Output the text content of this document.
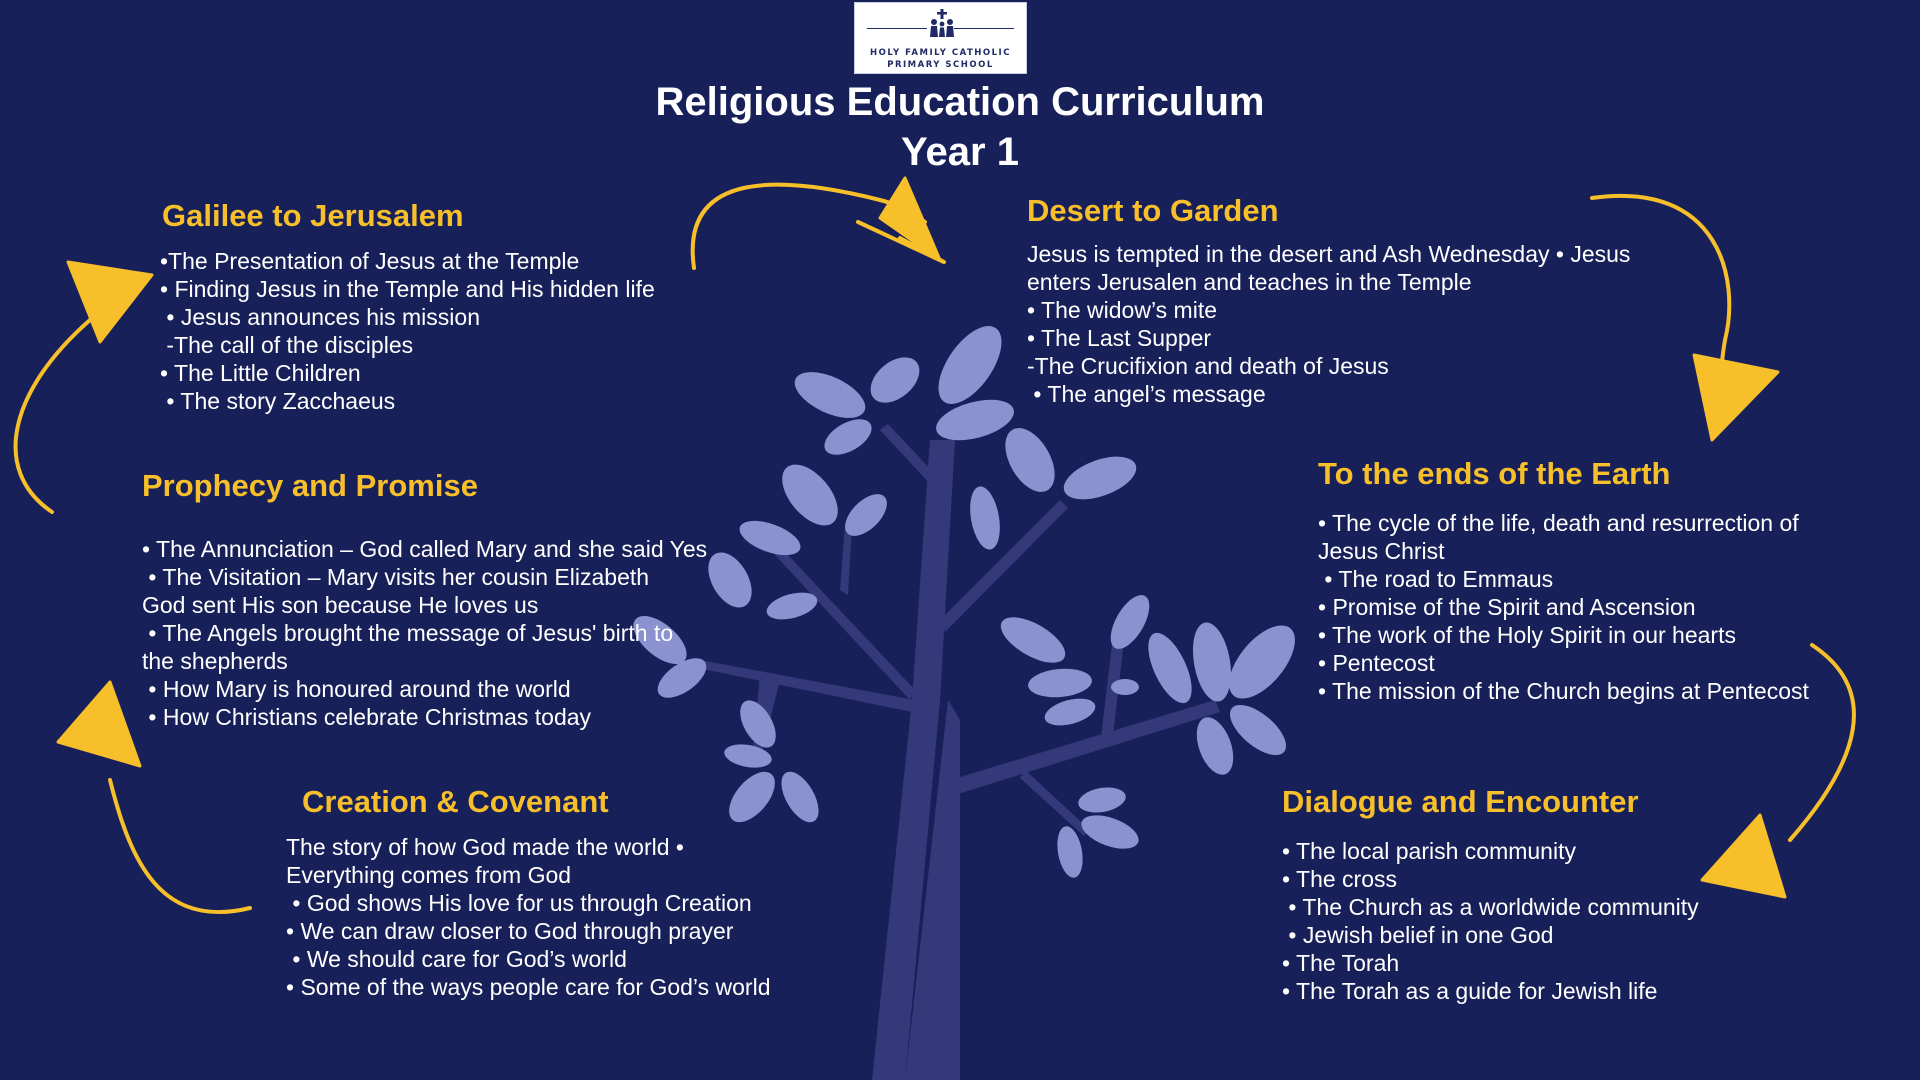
HOLY FAMILY CATHOLIC
PRIMARY SCHOOL
Religious Education Curriculum
Year 1
Galilee to Jerusalem
•The Presentation of Jesus at the Temple
• Finding Jesus in the Temple and His hidden life
• Jesus announces his mission
-The call of the disciples
• The Little Children
• The story Zacchaeus
Prophecy and Promise
• The Annunciation – God called Mary and she said Yes
• The Visitation – Mary visits her cousin Elizabeth
God sent His son because He loves us
• The Angels brought the message of Jesus' birth to
the shepherds
• How Mary is honoured around the world
• How Christians celebrate Christmas today
Creation & Covenant
The story of how God made the world •
Everything comes from God
• God shows His love for us through Creation
• We can draw closer to God through prayer
• We should care for God’s world
• Some of the ways people care for God’s world
Desert to Garden
Jesus is tempted in the desert and Ash Wednesday • Jesus
enters Jerusalen and teaches in the Temple
• The widow’s mite
• The Last Supper
-The Crucifixion and death of Jesus
• The angel’s message
To the ends of the Earth
• The cycle of the life, death and resurrection of
Jesus Christ
• The road to Emmaus
• Promise of the Spirit and Ascension
• The work of the Holy Spirit in our hearts
• Pentecost
• The mission of the Church begins at Pentecost
Dialogue and Encounter
• The local parish community
• The cross
• The Church as a worldwide community
• Jewish belief in one God
• The Torah
• The Torah as a guide for Jewish life
